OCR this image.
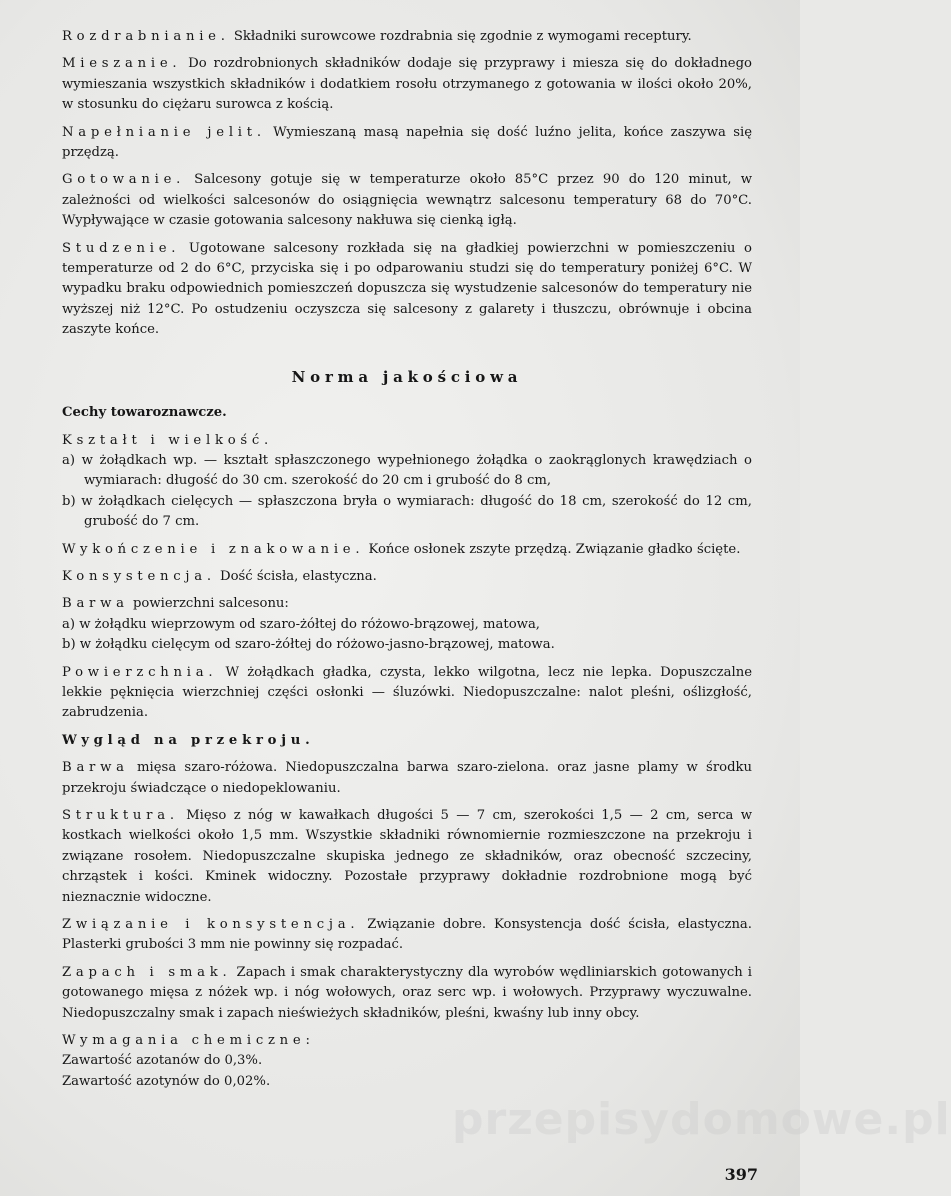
Rozdrabnianie. Składniki surowcowe rozdrabnia się zgodnie z wymogami receptury.

Mieszanie. Do rozdrobnionych składników dodaje się przyprawy i miesza się do dokładnego wymieszania wszystkich składników i dodatkiem rosołu otrzymanego z gotowania w ilości około 20%, w stosunku do ciężaru surowca z kością.

Napełnianie jelit. Wymieszaną masą napełnia się dość luźno jelita, końce zaszywa się przędzą.

Gotowanie. Salcesony gotuje się w temperaturze około 85°C przez 90 do 120 minut, w zależności od wielkości salcesonów do osiągnięcia wewnątrz salcesonu temperatury 68 do 70°C. Wypływające w czasie gotowania salcesony nakłuwa się cienką igłą.

Studzenie. Ugotowane salcesony rozkłada się na gładkiej powierzchni w pomieszczeniu o temperaturze od 2 do 6°C, przyciska się i po odparowaniu studzi się do temperatury poniżej 6°C. W wypadku braku odpowiednich pomieszczeń dopuszcza się wystudzenie salcesonów do temperatury nie wyższej niż 12°C. Po ostudzeniu oczyszcza się salcesony z galarety i tłuszczu, obrównuje i obcina zaszyte końce.

Norma jakościowa

Cechy towaroznawcze.

Kształt i wielkość.

a) w żołądkach wp. — kształt spłaszczonego wypełnionego żołądka o zaokrąglonych krawędziach o wymiarach: długość do 30 cm. szerokość do 20 cm i grubość do 8 cm,

b) w żołądkach cielęcych — spłaszczona bryła o wymiarach: długość do 18 cm, szerokość do 12 cm, grubość do 7 cm.

Wykończenie i znakowanie. Końce osłonek zszyte przędzą. Związanie gładko ścięte.

Konsystencja. Dość ścisła, elastyczna.

Barwa powierzchni salcesonu:

a) w żołądku wieprzowym od szaro-żółtej do różowo-brązowej, matowa,

b) w żołądku cielęcym od szaro-żółtej do różowo-jasno-brązowej, matowa.

Powierzchnia. W żołądkach gładka, czysta, lekko wilgotna, lecz nie lepka. Dopuszczalne lekkie pęknięcia wierzchniej części osłonki — śluzówki. Niedopuszczalne: nalot pleśni, oślizgłość, zabrudzenia.

Wygląd na przekroju.

Barwa mięsa szaro-różowa. Niedopuszczalna barwa szaro-zielona. oraz jasne plamy w środku przekroju świadczące o niedopeklowaniu.

Struktura. Mięso z nóg w kawałkach długości 5 — 7 cm, szerokości 1,5 — 2 cm, serca w kostkach wielkości około 1,5 mm. Wszystkie składniki równomiernie rozmieszczone na przekroju i związane rosołem. Niedopuszczalne skupiska jednego ze składników, oraz obecność szczeciny, chrząstek i kości. Kminek widoczny. Pozostałe przyprawy dokładnie rozdrobnione mogą być nieznacznie widoczne.

Związanie i konsystencja. Związanie dobre. Konsystencja dość ścisła, elastyczna. Plasterki grubości 3 mm nie powinny się rozpadać.

Zapach i smak. Zapach i smak charakterystyczny dla wyrobów wędliniarskich gotowanych i gotowanego mięsa z nóżek wp. i nóg wołowych, oraz serc wp. i wołowych. Przyprawy wyczuwalne. Niedopuszczalny smak i zapach nieświeżych składników, pleśni, kwaśny lub inny obcy.

Wymagania chemiczne:

Zawartość azotanów do 0,3%.

Zawartość azotynów do 0,02%.

przepisydomowe.pl
397
